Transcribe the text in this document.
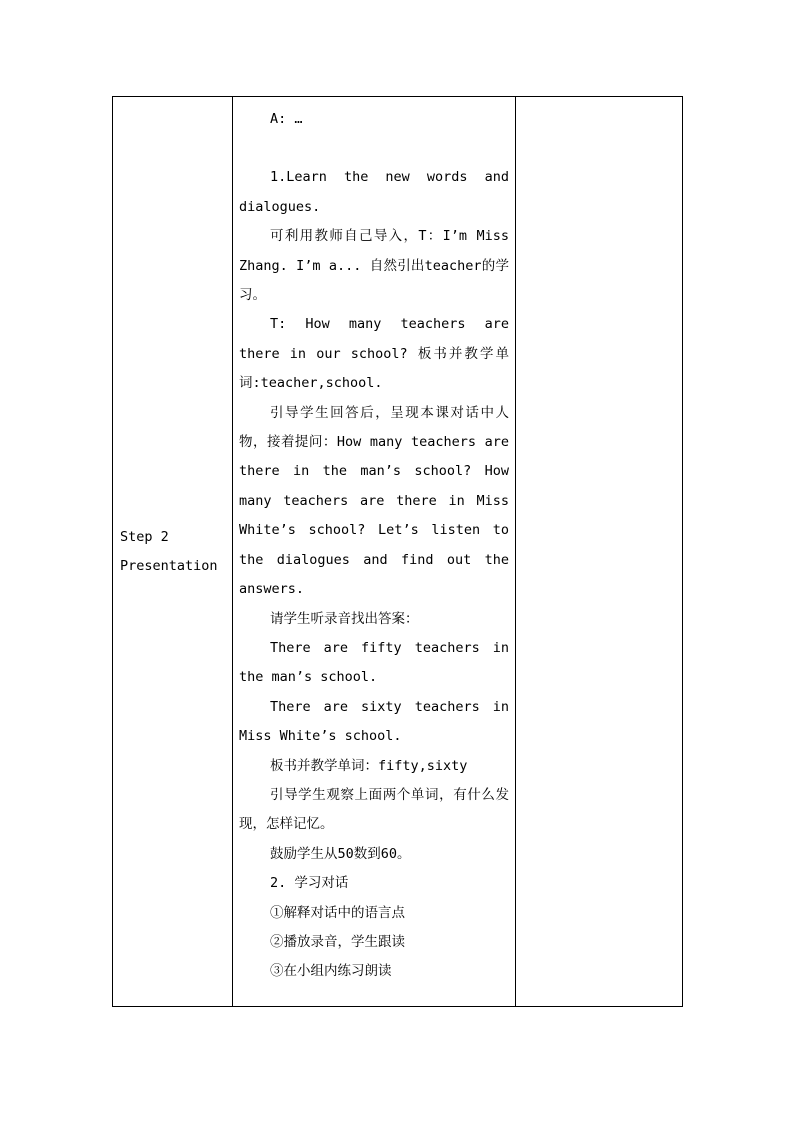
Step 2
Presentation

A: …

1.Learn the new words and dialogues.

可利用教师自己导入，T：I’m Miss Zhang. I’m a... 自然引出teacher的学习。

T: How many teachers are there in our school? 板书并教学单词:teacher,school.

引导学生回答后，呈现本课对话中人物，接着提问：How many teachers are there in the man’s school? How many teachers are there in Miss White’s school? Let’s listen to the dialogues and find out the answers.

请学生听录音找出答案：

There are fifty teachers in the man’s school.

There are sixty teachers in Miss White’s school.

板书并教学单词：fifty,sixty

引导学生观察上面两个单词，有什么发现，怎样记忆。

鼓励学生从50数到60。

2. 学习对话

①解释对话中的语言点

②播放录音，学生跟读

③在小组内练习朗读
